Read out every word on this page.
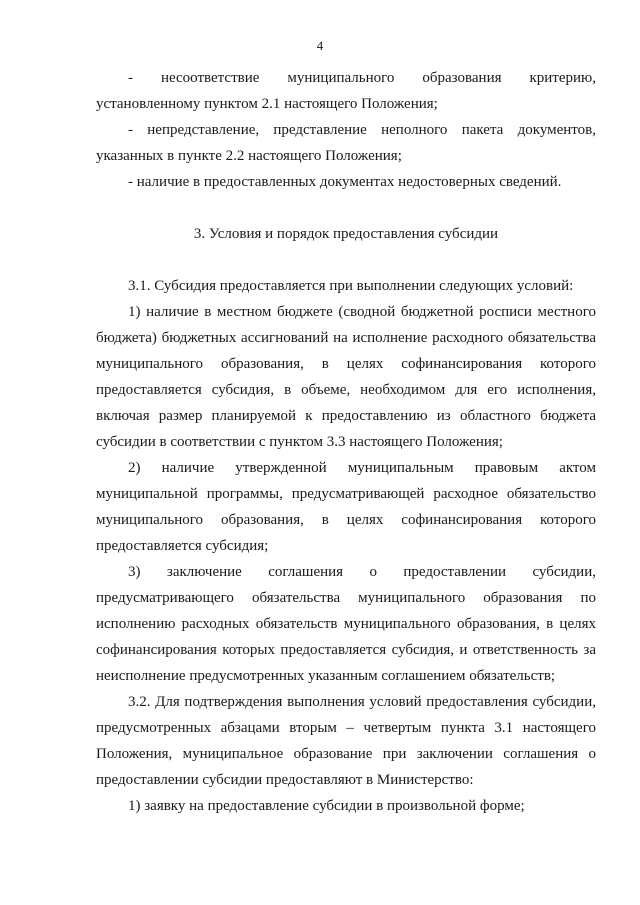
4

- несоответствие муниципального образования критерию, установленному пунктом 2.1 настоящего Положения;

- непредставление, представление неполного пакета документов, указанных в пункте 2.2 настоящего Положения;

- наличие в предоставленных документах недостоверных сведений.

3. Условия и порядок предоставления субсидии

3.1. Субсидия предоставляется при выполнении следующих условий:

1) наличие в местном бюджете (сводной бюджетной росписи местного бюджета) бюджетных ассигнований на исполнение расходного обязательства муниципального образования, в целях софинансирования которого предоставляется субсидия, в объеме, необходимом для его исполнения, включая размер планируемой к предоставлению из областного бюджета субсидии в соответствии с пунктом 3.3 настоящего Положения;

2) наличие утвержденной муниципальным правовым актом муниципальной программы, предусматривающей расходное обязательство муниципального образования, в целях софинансирования которого предоставляется субсидия;

3) заключение соглашения о предоставлении субсидии, предусматривающего обязательства муниципального образования по исполнению расходных обязательств муниципального образования, в целях софинансирования которых предоставляется субсидия, и ответственность за неисполнение предусмотренных указанным соглашением обязательств;

3.2. Для подтверждения выполнения условий предоставления субсидии, предусмотренных абзацами вторым – четвертым пункта 3.1 настоящего Положения, муниципальное образование при заключении соглашения о предоставлении субсидии предоставляют в Министерство:

1) заявку на предоставление субсидии в произвольной форме;
